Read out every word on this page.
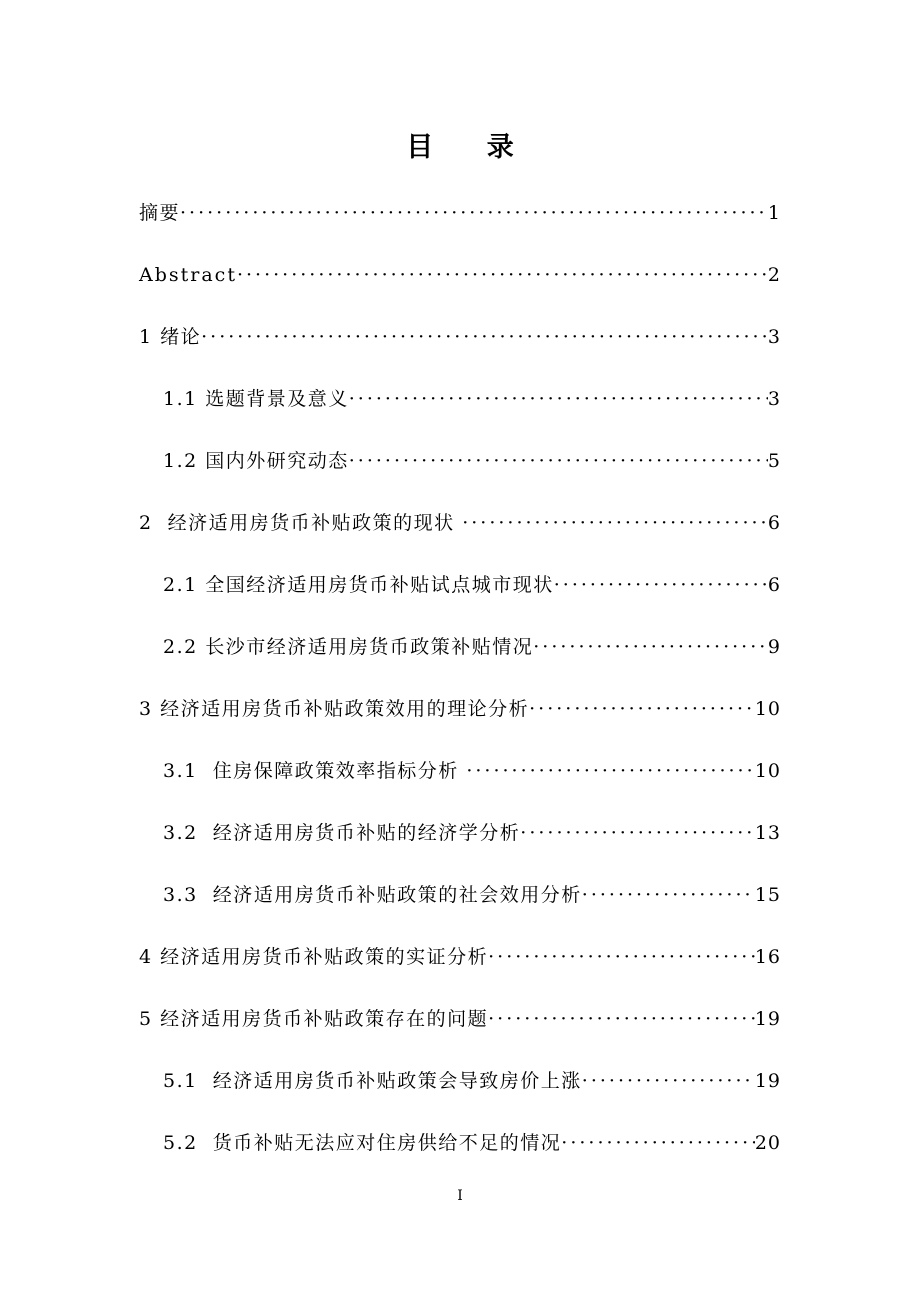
目 录
摘要 ·····	1
Abstract ·····	2
1 绪论 ·····	3
1.1 选题背景及意义 ·····	3
1.2 国内外研究动态 ·····	5
2  经济适用房货币补贴政策的现状 ·····	6
2.1 全国经济适用房货币补贴试点城市现状 ·····	6
2.2 长沙市经济适用房货币政策补贴情况 ·····	9
3 经济适用房货币补贴政策效用的理论分析 ·····	10
3.1  住房保障政策效率指标分析 ·····	10
3.2  经济适用房货币补贴的经济学分析 ·····	13
3.3  经济适用房货币补贴政策的社会效用分析 ·····	15
4 经济适用房货币补贴政策的实证分析 ·····	16
5 经济适用房货币补贴政策存在的问题 ·····	19
5.1  经济适用房货币补贴政策会导致房价上涨 ·····	19
5.2  货币补贴无法应对住房供给不足的情况 ·····	20
I
